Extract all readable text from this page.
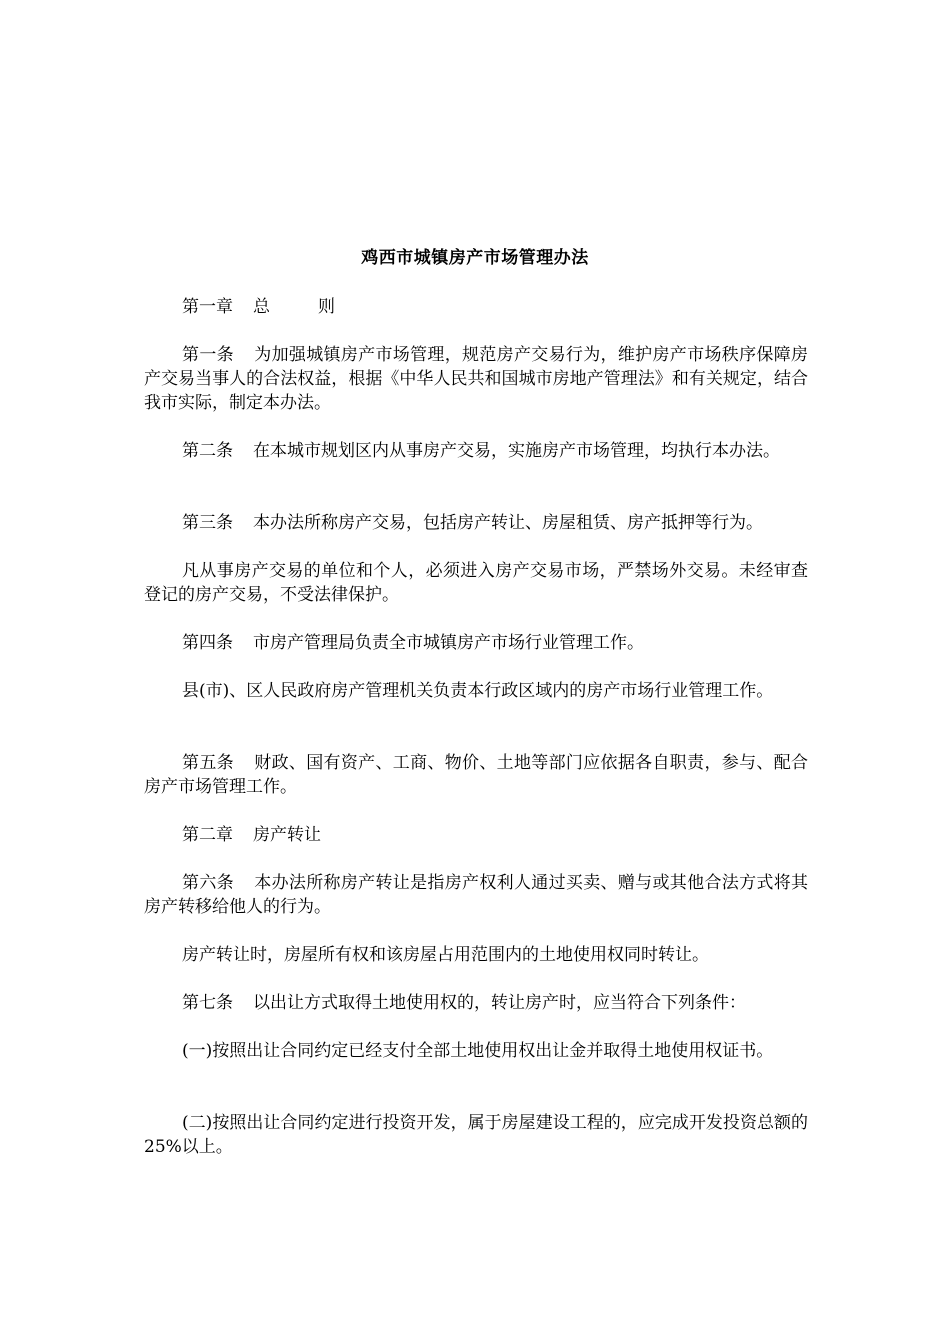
鸡西市城镇房产市场管理办法

第一章 总	则

第一条 为加强城镇房产市场管理，规范房产交易行为，维护房产市场秩序保障房产交易当事人的合法权益，根据《中华人民共和国城市房地产管理法》和有关规定，结合我市实际，制定本办法。

第二条 在本城市规划区内从事房产交易，实施房产市场管理，均执行本办法。

第三条 本办法所称房产交易，包括房产转让、房屋租赁、房产抵押等行为。

凡从事房产交易的单位和个人，必须进入房产交易市场，严禁场外交易。未经审查登记的房产交易，不受法律保护。

第四条 市房产管理局负责全市城镇房产市场行业管理工作。

县(市)、区人民政府房产管理机关负责本行政区域内的房产市场行业管理工作。

第五条 财政、国有资产、工商、物价、土地等部门应依据各自职责，参与、配合房产市场管理工作。

第二章 房产转让

第六条 本办法所称房产转让是指房产权利人通过买卖、赠与或其他合法方式将其房产转移给他人的行为。

房产转让时，房屋所有权和该房屋占用范围内的土地使用权同时转让。

第七条 以出让方式取得土地使用权的，转让房产时，应当符合下列条件：

(一)按照出让合同约定已经支付全部土地使用权出让金并取得土地使用权证书。

(二)按照出让合同约定进行投资开发，属于房屋建设工程的，应完成开发投资总额的25%以上。
